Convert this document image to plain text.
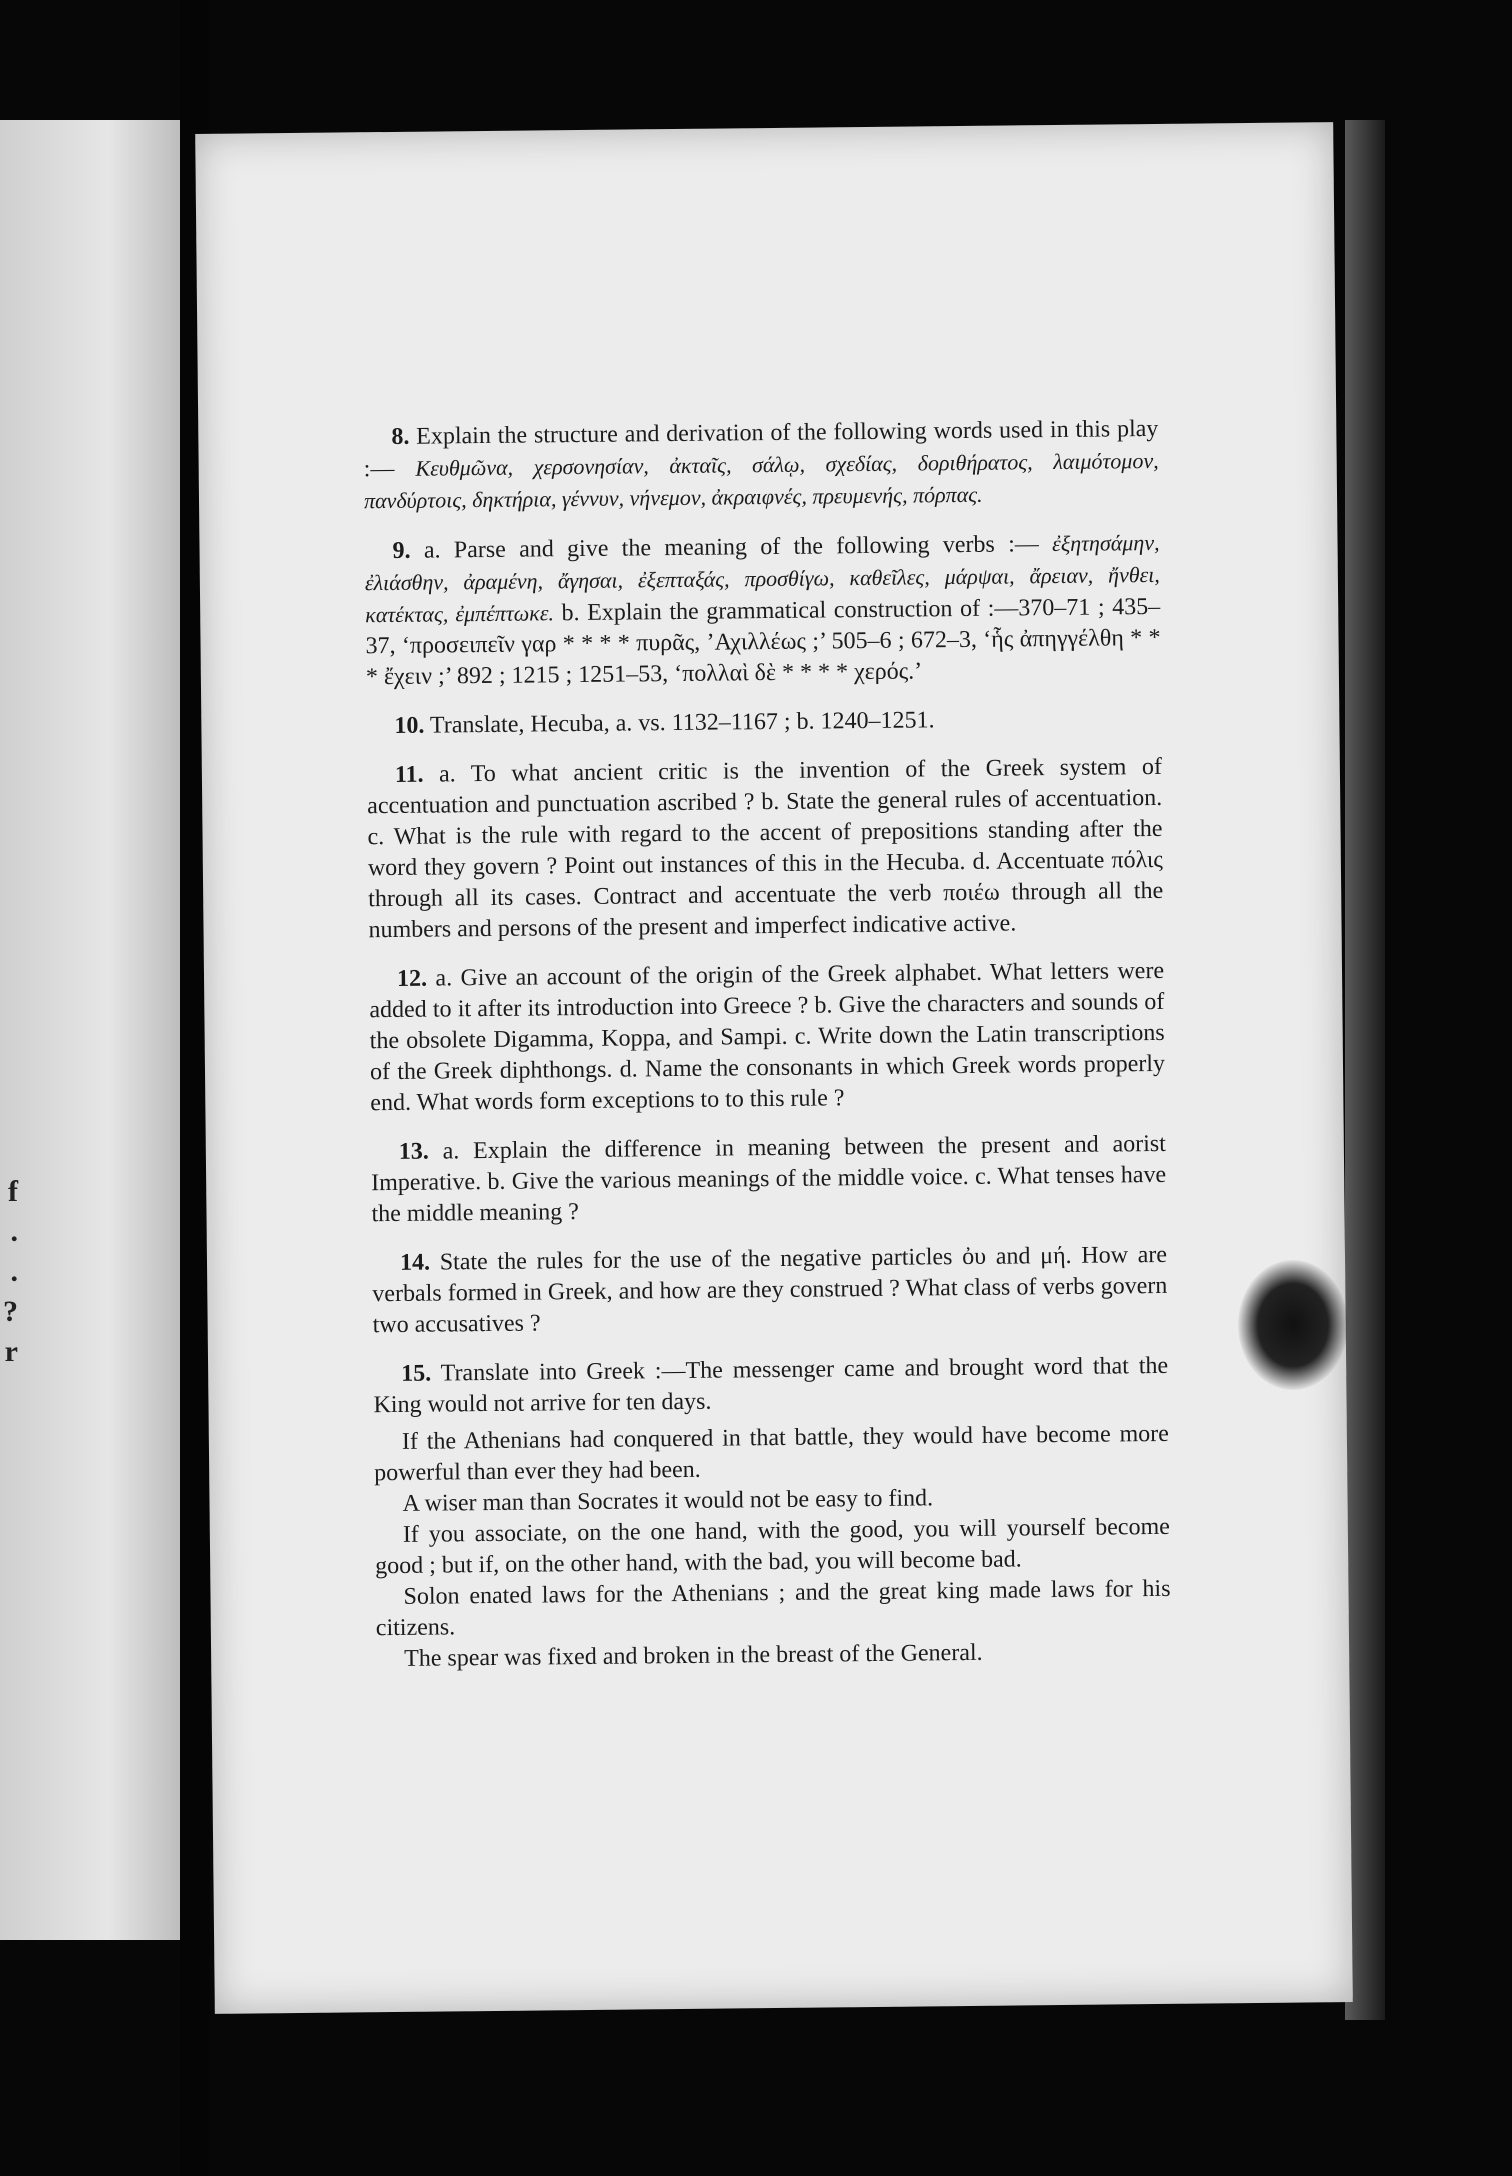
f
.
.
?
r

8. Explain the structure and derivation of the following words used in this play :— Κευθμῶνα, χερσονησίαν, ἀκταῖς, σάλῳ, σχεδίας, δοριθήρατος, λαιμότομον, πανδύρτοις, δηκτήρια, γέννυν, νήνεμον, ἀκραιφνές, πρευμενής, πόρπας.

9. a. Parse and give the meaning of the following verbs :— ἐξητησάμην, ἐλιάσθην, ἀραμένη, ἄγησαι, ἐξεπταξάς, προσθίγω, καθεῖλες, μάρψαι, ἄρειαν, ἤνθει, κατέκτας, ἐμπέπτωκε. b. Explain the grammatical construction of :—370–71 ; 435–37, ‘προσειπεῖν γαρ * * * * πυρᾶς, ’Αχιλλέως ;’ 505–6 ; 672–3, ‘ἧς ἀπηγγέλθη * * * ἔχειν ;’ 892 ; 1215 ; 1251–53, ‘πολλαὶ δὲ * * * * χερός.’

10. Translate, Hecuba, a. vs. 1132–1167 ; b. 1240–1251.

11. a. To what ancient critic is the invention of the Greek system of accentuation and punctuation ascribed ? b. State the general rules of accentuation. c. What is the rule with regard to the accent of prepositions standing after the word they govern ? Point out instances of this in the Hecuba. d. Accentuate πόλις through all its cases. Contract and accentuate the verb ποιέω through all the numbers and persons of the present and imperfect indicative active.

12. a. Give an account of the origin of the Greek alphabet. What letters were added to it after its introduction into Greece ? b. Give the characters and sounds of the obsolete Digamma, Koppa, and Sampi. c. Write down the Latin transcriptions of the Greek diphthongs. d. Name the consonants in which Greek words properly end. What words form exceptions to to this rule ?

13. a. Explain the difference in meaning between the present and aorist Imperative. b. Give the various meanings of the middle voice. c. What tenses have the middle meaning ?

14. State the rules for the use of the negative particles ὀυ and μή. How are verbals formed in Greek, and how are they construed ? What class of verbs govern two accusatives ?

15. Translate into Greek :—The messenger came and brought word that the King would not arrive for ten days.

If the Athenians had conquered in that battle, they would have become more powerful than ever they had been.

A wiser man than Socrates it would not be easy to find.

If you associate, on the one hand, with the good, you will yourself become good ; but if, on the other hand, with the bad, you will become bad.

Solon enated laws for the Athenians ; and the great king made laws for his citizens.

The spear was fixed and broken in the breast of the General.
